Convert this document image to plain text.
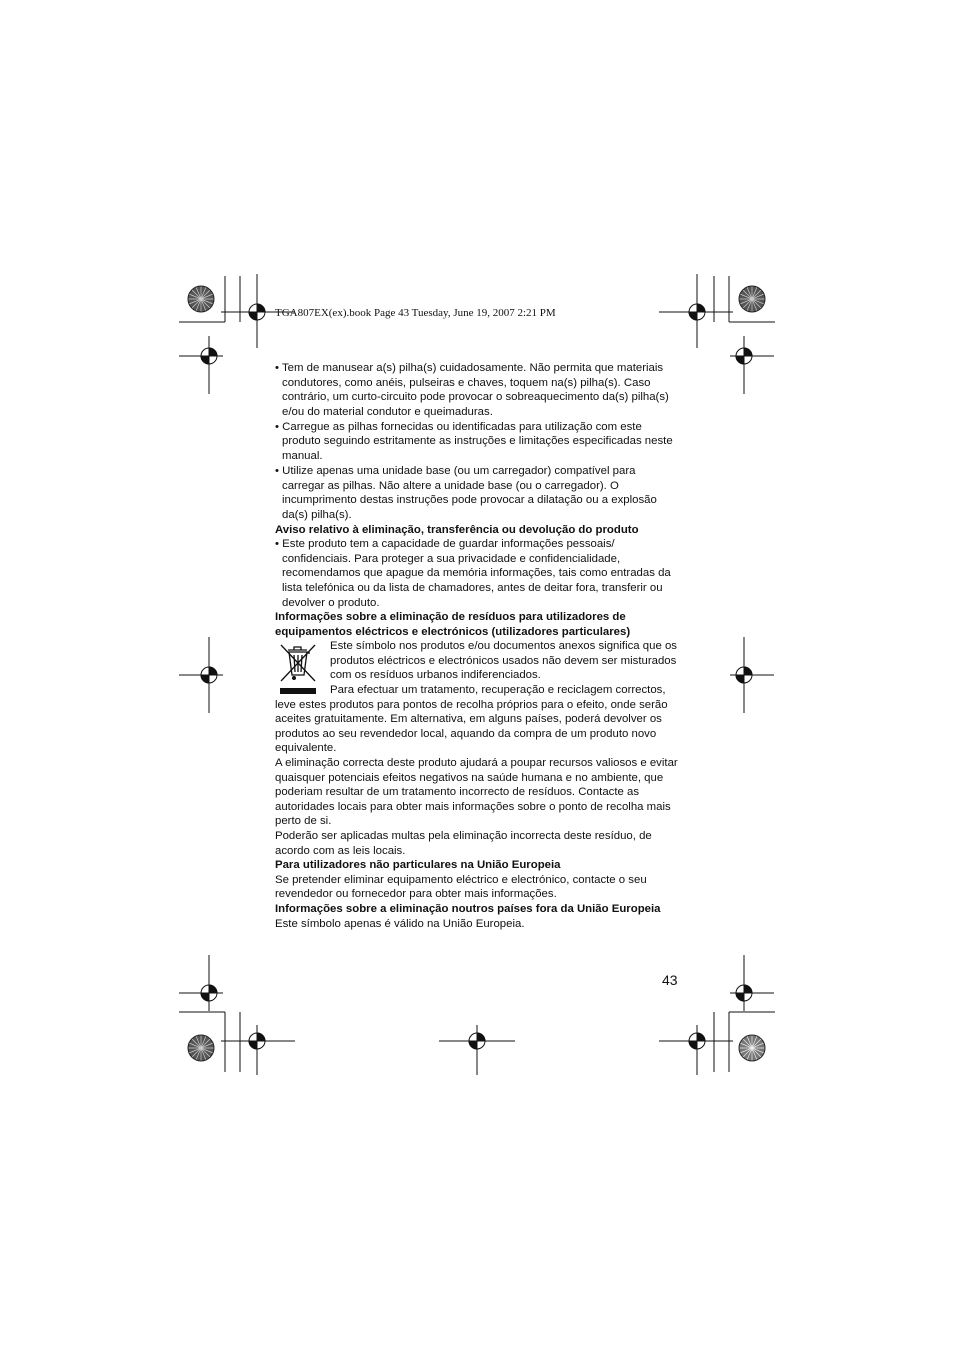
TGA807EX(ex).book Page 43 Tuesday, June 19, 2007 2:21 PM

• Tem de manusear a(s) pilha(s) cuidadosamente. Não permita que materiais condutores, como anéis, pulseiras e chaves, toquem na(s) pilha(s). Caso contrário, um curto-circuito pode provocar o sobreaquecimento da(s) pilha(s) e/ou do material condutor e queimaduras.

• Carregue as pilhas fornecidas ou identificadas para utilização com este produto seguindo estritamente as instruções e limitações especificadas neste manual.

• Utilize apenas uma unidade base (ou um carregador) compatível para carregar as pilhas. Não altere a unidade base (ou o carregador). O incumprimento destas instruções pode provocar a dilatação ou a explosão da(s) pilha(s).

Aviso relativo à eliminação, transferência ou devolução do produto

• Este produto tem a capacidade de guardar informações pessoais/ confidenciais. Para proteger a sua privacidade e confidencialidade, recomendamos que apague da memória informações, tais como entradas da lista telefónica ou da lista de chamadores, antes de deitar fora, transferir ou devolver o produto.

Informações sobre a eliminação de resíduos para utilizadores de equipamentos eléctricos e electrónicos (utilizadores particulares)

Este símbolo nos produtos e/ou documentos anexos significa que os produtos eléctricos e electrónicos usados não devem ser misturados com os resíduos urbanos indiferenciados.

Para efectuar um tratamento, recuperação e reciclagem correctos, leve estes produtos para pontos de recolha próprios para o efeito, onde serão aceites gratuitamente. Em alternativa, em alguns países, poderá devolver os produtos ao seu revendedor local, aquando da compra de um produto novo equivalente.

A eliminação correcta deste produto ajudará a poupar recursos valiosos e evitar quaisquer potenciais efeitos negativos na saúde humana e no ambiente, que poderiam resultar de um tratamento incorrecto de resíduos. Contacte as autoridades locais para obter mais informações sobre o ponto de recolha mais perto de si.

Poderão ser aplicadas multas pela eliminação incorrecta deste resíduo, de acordo com as leis locais.

Para utilizadores não particulares na União Europeia

Se pretender eliminar equipamento eléctrico e electrónico, contacte o seu revendedor ou fornecedor para obter mais informações.

Informações sobre a eliminação noutros países fora da União Europeia

Este símbolo apenas é válido na União Europeia.

43
